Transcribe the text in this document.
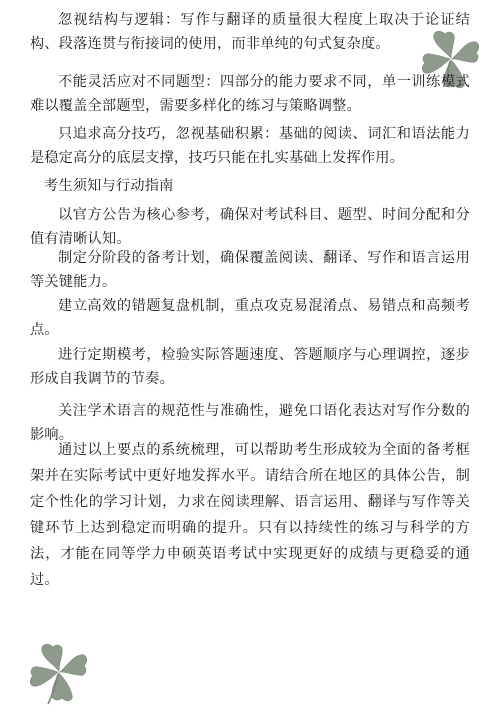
忽视结构与逻辑：写作与翻译的质量很大程度上取决于论证结构、段落连贯与衔接词的使用，而非单纯的句式复杂度。

不能灵活应对不同题型：四部分的能力要求不同，单一训练模式难以覆盖全部题型，需要多样化的练习与策略调整。

只追求高分技巧，忽视基础积累：基础的阅读、词汇和语法能力是稳定高分的底层支撑，技巧只能在扎实基础上发挥作用。

考生须知与行动指南

以官方公告为核心参考，确保对考试科目、题型、时间分配和分值有清晰认知。

制定分阶段的备考计划，确保覆盖阅读、翻译、写作和语言运用等关键能力。

建立高效的错题复盘机制，重点攻克易混淆点、易错点和高频考点。

进行定期模考，检验实际答题速度、答题顺序与心理调控，逐步形成自我调节的节奏。

关注学术语言的规范性与准确性，避免口语化表达对写作分数的影响。

通过以上要点的系统梳理，可以帮助考生形成较为全面的备考框架并在实际考试中更好地发挥水平。请结合所在地区的具体公告，制定个性化的学习计划，力求在阅读理解、语言运用、翻译与写作等关键环节上达到稳定而明确的提升。只有以持续性的练习与科学的方法，才能在同等学力申硕英语考试中实现更好的成绩与更稳妥的通过。
